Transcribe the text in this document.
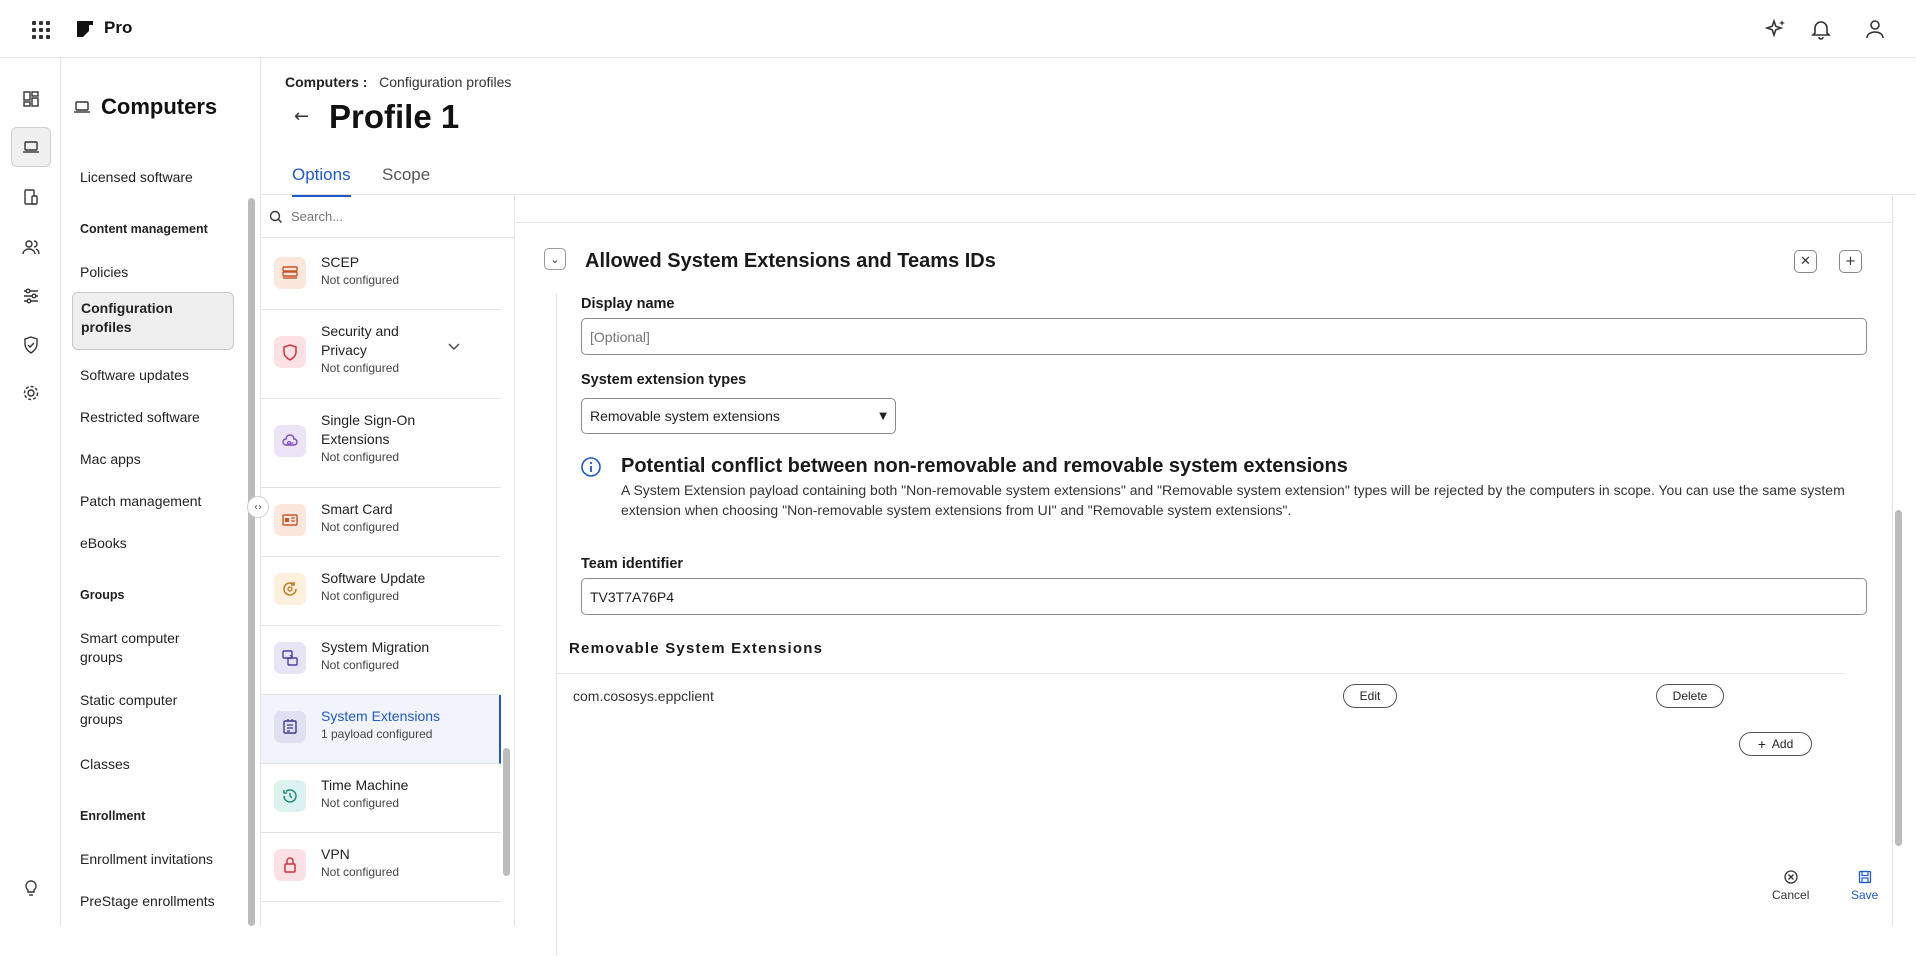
Pro
Computers
Licensed software
Content management
Policies
Configuration profiles
Software updates
Restricted software
Mac apps
Patch management
eBooks
Groups
Smart computer groups
Static computer groups
Classes
Enrollment
Enrollment invitations
PreStage enrollments
‹›
Computers : Configuration profiles
← Profile 1
Options Scope
Search...
SCEP
Not configured
Security and Privacy
Not configured
Single Sign-On Extensions
Not configured
Smart Card
Not configured
Software Update
Not configured
System Migration
Not configured
System Extensions
1 payload configured
Time Machine
Not configured
VPN
Not configured
⌄	Allowed System Extensions and Teams IDs	✕	+
Display name
[Optional]
System extension types
Removable system extensions	▼
Potential conflict between non-removable and removable system extensions
A System Extension payload containing both "Non-removable system extensions" and "Removable system extension" types will be rejected by the computers in scope. You can use the same system extension when choosing "Non-removable system extensions from UI" and "Removable system extensions".
Team identifier
TV3T7A76P4
Removable System Extensions
com.cososys.eppclient	Edit	Delete
+ Add
Cancel	Save
